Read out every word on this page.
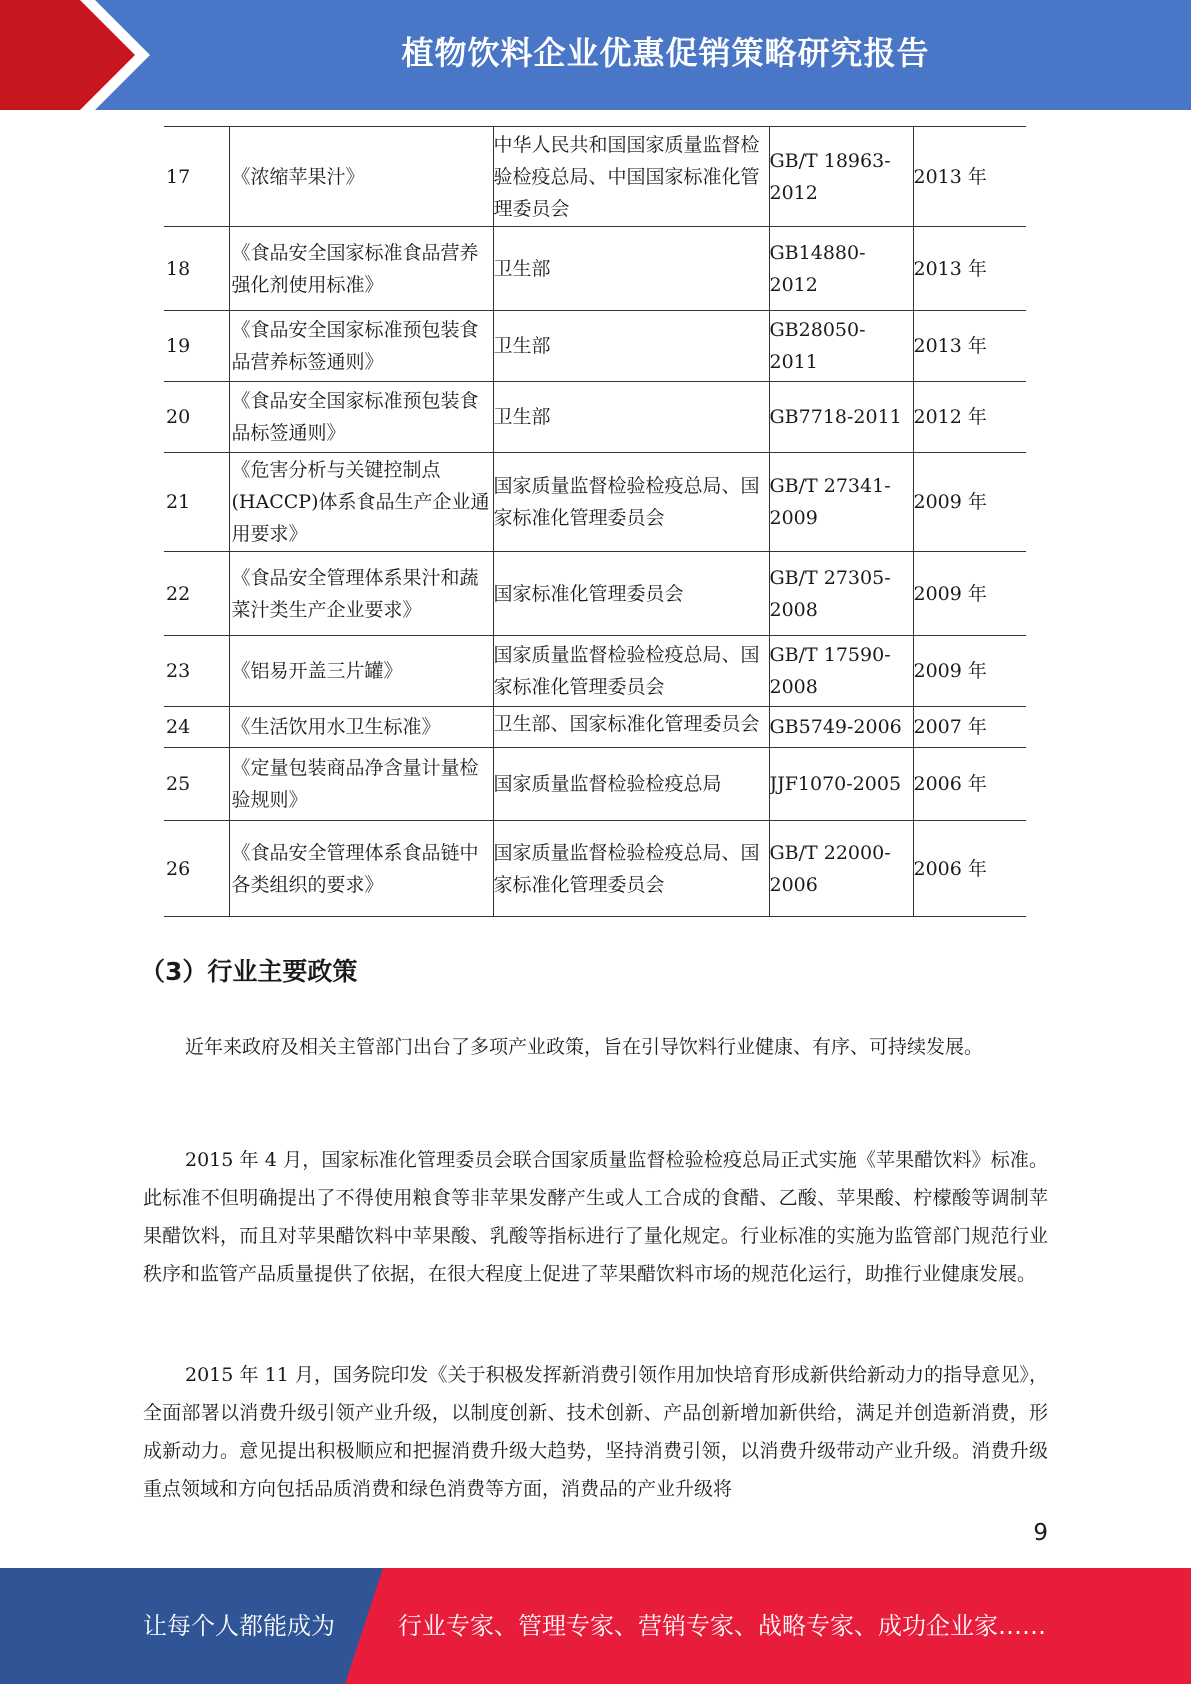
植物饮料企业优惠促销策略研究报告
17	《浓缩苹果汁》	中华人民共和国国家质量监督检验检疫总局、中国国家标准化管理委员会	GB/T 18963-2012	2013 年
18	《食品安全国家标准食品营养强化剂使用标准》	卫生部	GB14880-2012	2013 年
19	《食品安全国家标准预包装食品营养标签通则》	卫生部	GB28050-2011	2013 年
20	《食品安全国家标准预包装食品标签通则》	卫生部	GB7718-2011	2012 年
21	《危害分析与关键控制点(HACCP)体系食品生产企业通用要求》	国家质量监督检验检疫总局、国家标准化管理委员会	GB/T 27341-2009	2009 年
22	《食品安全管理体系果汁和蔬菜汁类生产企业要求》	国家标准化管理委员会	GB/T 27305-2008	2009 年
23	《铝易开盖三片罐》	国家质量监督检验检疫总局、国家标准化管理委员会	GB/T 17590-2008	2009 年
24	《生活饮用水卫生标准》	卫生部、国家标准化管理委员会	GB5749-2006	2007 年
25	《定量包装商品净含量计量检验规则》	国家质量监督检验检疫总局	JJF1070-2005	2006 年
26	《食品安全管理体系食品链中各类组织的要求》	国家质量监督检验检疫总局、国家标准化管理委员会	GB/T 22000-2006	2006 年
（3）行业主要政策

近年来政府及相关主管部门出台了多项产业政策，旨在引导饮料行业健康、有序、可持续发展。

2015 年 4 月，国家标准化管理委员会联合国家质量监督检验检疫总局正式实施《苹果醋饮料》标准。此标准不但明确提出了不得使用粮食等非苹果发酵产生或人工合成的食醋、乙酸、苹果酸、柠檬酸等调制苹果醋饮料，而且对苹果醋饮料中苹果酸、乳酸等指标进行了量化规定。行业标准的实施为监管部门规范行业秩序和监管产品质量提供了依据，在很大程度上促进了苹果醋饮料市场的规范化运行，助推行业健康发展。

2015 年 11 月，国务院印发《关于积极发挥新消费引领作用加快培育形成新供给新动力的指导意见》，全面部署以消费升级引领产业升级，以制度创新、技术创新、产品创新增加新供给，满足并创造新消费，形成新动力。意见提出积极顺应和把握消费升级大趋势，坚持消费引领，以消费升级带动产业升级。消费升级重点领域和方向包括品质消费和绿色消费等方面，消费品的产业升级将

9
让每个人都能成为	行业专家、管理专家、营销专家、战略专家、成功企业家……
